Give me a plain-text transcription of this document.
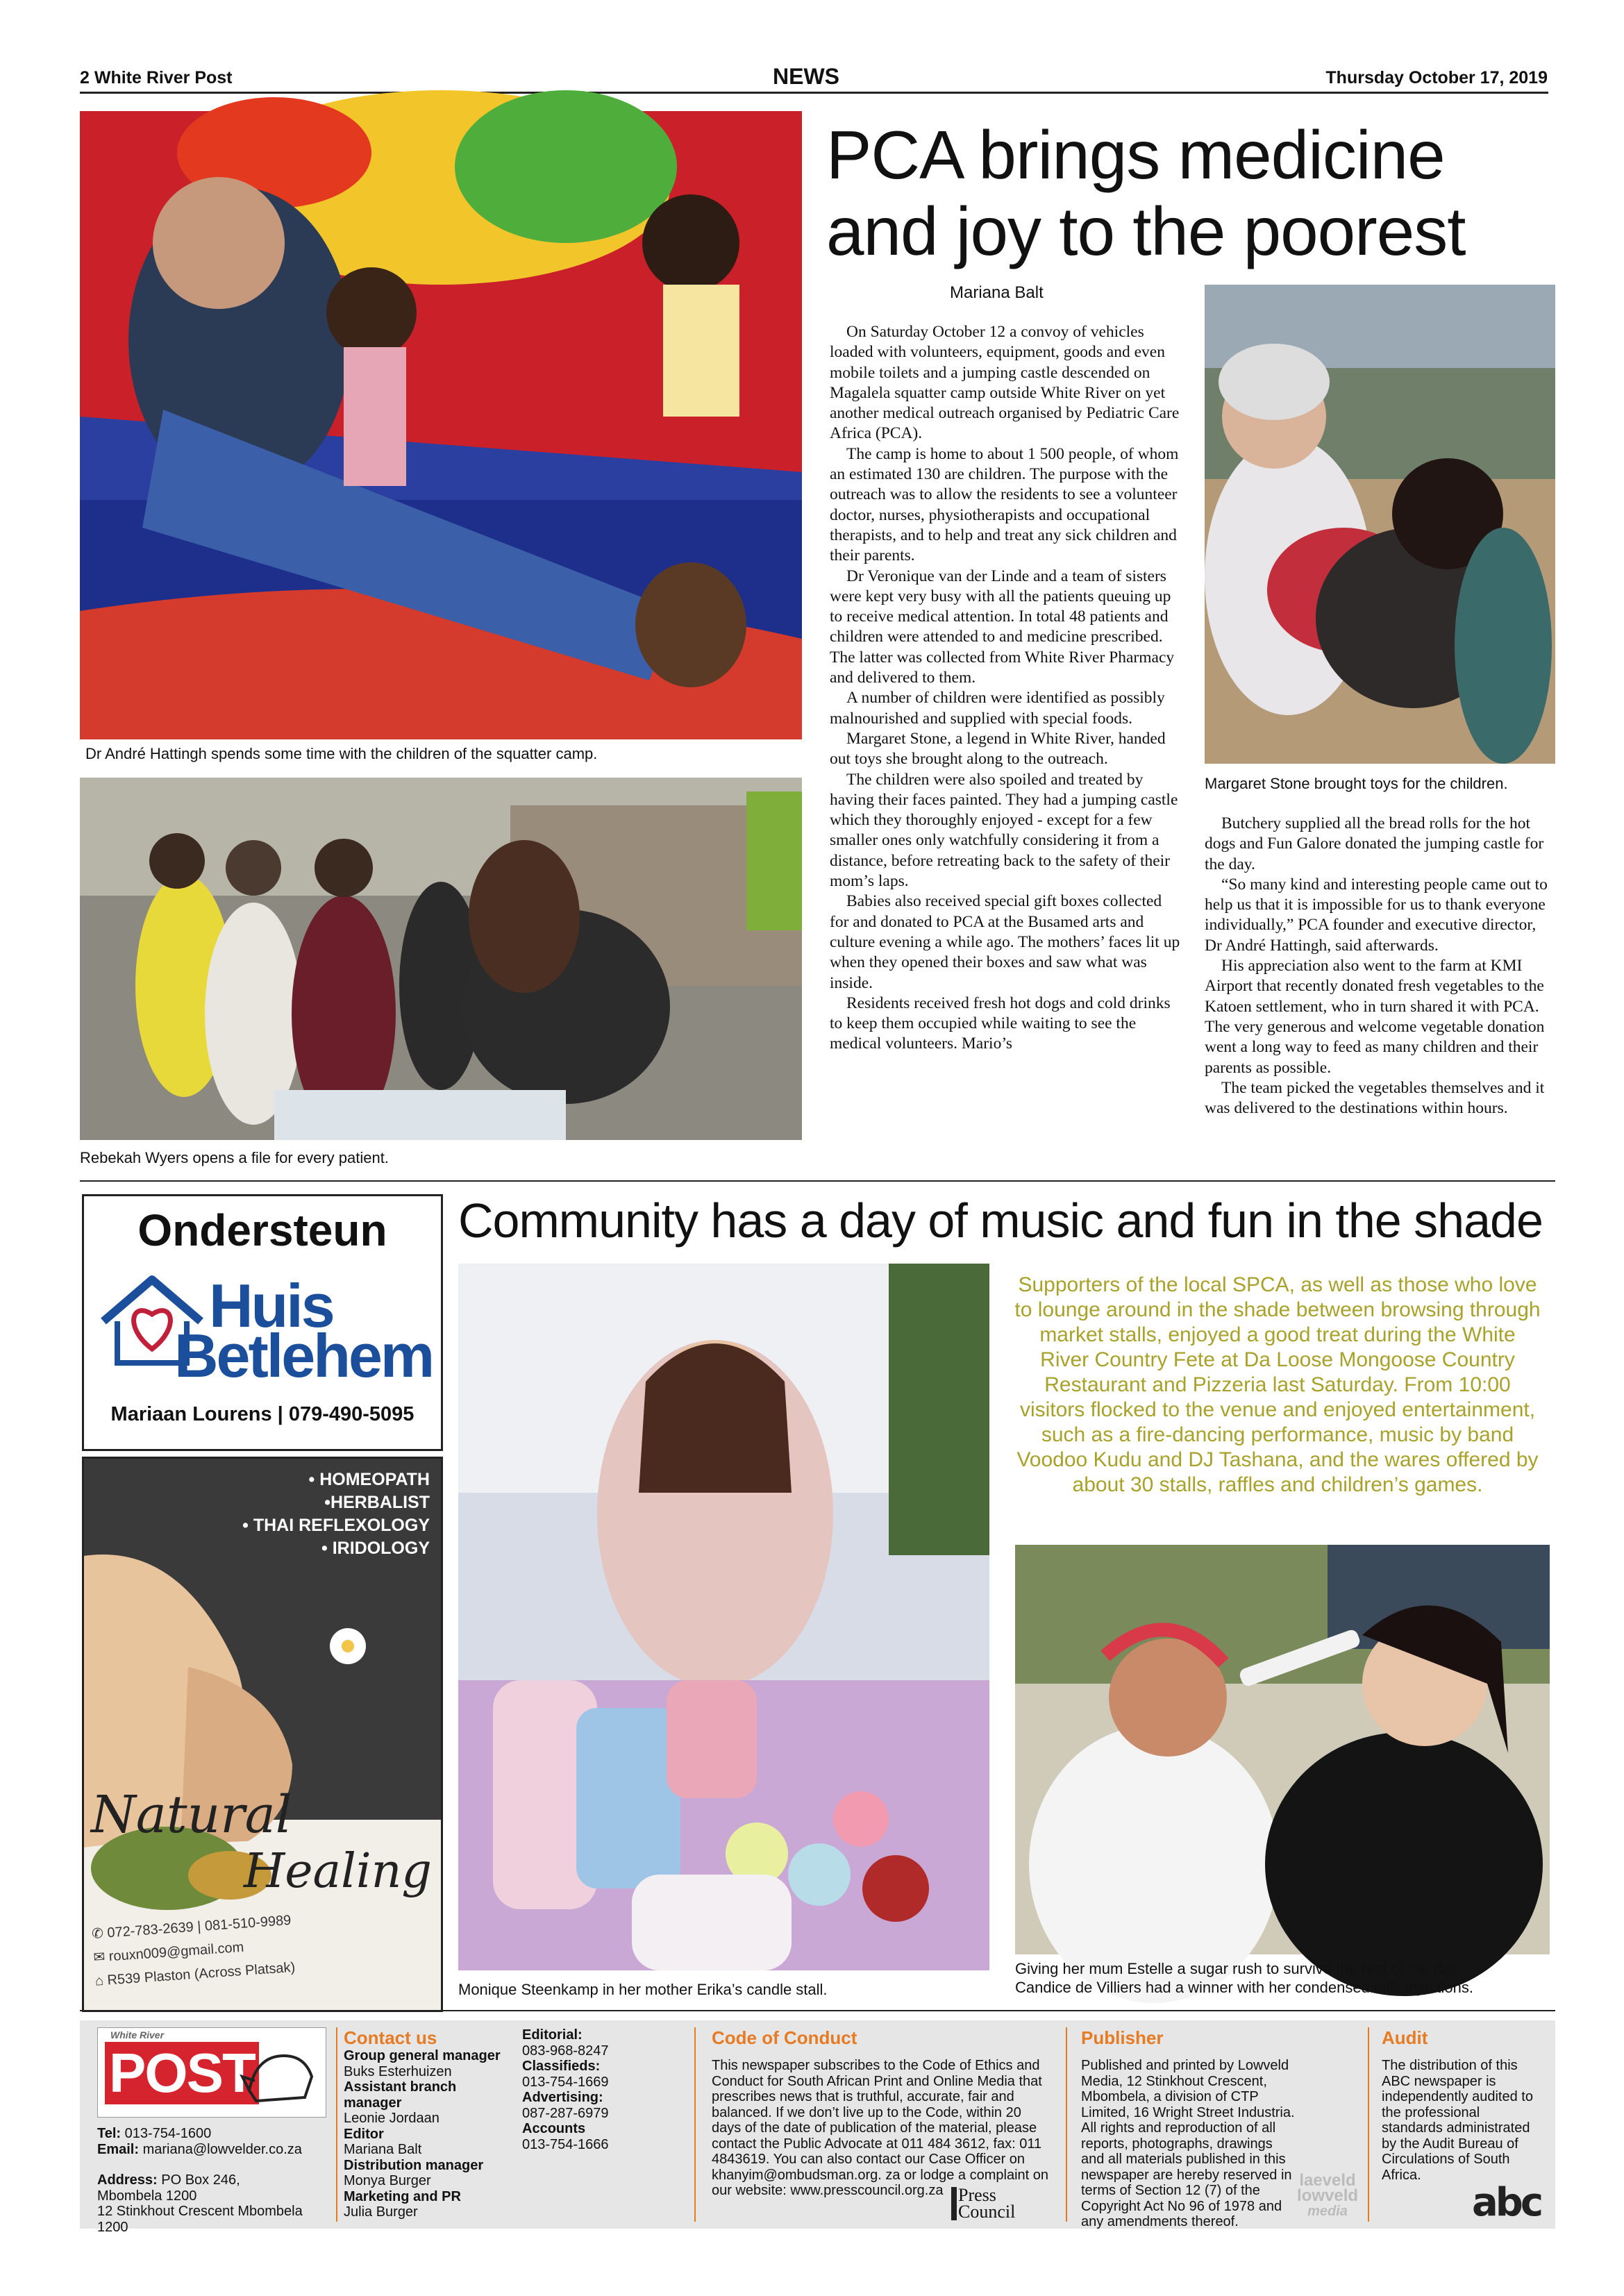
2 White River Post	NEWS	Thursday October 17, 2019
Dr André Hattingh spends some time with the children of the squatter camp.
Rebekah Wyers opens a file for every patient.
PCA brings medicine
and joy to the poorest
Mariana Balt
Margaret Stone brought toys for the children.

On Saturday October 12 a convoy of vehicles loaded with volunteers, equipment, goods and even mobile toilets and a jumping castle descended on Magalela squatter camp outside White River on yet another medical outreach organised by Pediatric Care Africa (PCA).

The camp is home to about 1 500 people, of whom an estimated 130 are children. The purpose with the outreach was to allow the residents to see a volunteer doctor, nurses, physiotherapists and occupational therapists, and to help and treat any sick children and their parents.

Dr Veronique van der Linde and a team of sisters were kept very busy with all the patients queuing up to receive medical attention. In total 48 patients and children were attended to and medicine prescribed. The latter was collected from White River Pharmacy and delivered to them.

A number of children were identified as possibly malnourished and supplied with special foods.

Margaret Stone, a legend in White River, handed out toys she brought along to the outreach.

The children were also spoiled and treated by having their faces painted. They had a jumping castle which they thoroughly enjoyed - except for a few smaller ones only watchfully considering it from a distance, before retreating back to the safety of their mom’s laps.

Babies also received special gift boxes collected for and donated to PCA at the Busamed arts and culture evening a while ago. The mothers’ faces lit up when they opened their boxes and saw what was inside.

Residents received fresh hot dogs and cold drinks to keep them occupied while waiting to see the medical volunteers. Mario’s

Butchery supplied all the bread rolls for the hot dogs and Fun Galore donated the jumping castle for the day.

“So many kind and interesting people came out to help us that it is impossible for us to thank everyone individually,” PCA founder and executive director, Dr André Hattingh, said afterwards.

His appreciation also went to the farm at KMI Airport that recently donated fresh vegetables to the Katoen settlement, who in turn shared it with PCA. The very generous and welcome vegetable donation went a long way to feed as many children and their parents as possible.

The team picked the vegetables themselves and it was delivered to the destinations within hours.

Ondersteun
Huis
Betlehem
Mariaan Lourens | 079-490-5095
• HOMEOPATH
•HERBALIST
• THAI REFLEXOLOGY
• IRIDOLOGY
437235NC
Natural
Healing
✆ 072-783-2639 | 081-510-9989
✉ rouxn009@gmail.com
⌂ R539 Plaston (Across Platsak)
Community has a day of music and fun in the shade
Monique Steenkamp in her mother Erika’s candle stall.
Supporters of the local SPCA, as well as those who love to lounge around in the shade between browsing through market stalls, enjoyed a good treat during the White River Country Fete at Da Loose Mongoose Country Restaurant and Pizzeria last Saturday. From 10:00 visitors flocked to the venue and enjoyed entertainment, such as a fire-dancing performance, music by band Voodoo Kudu and DJ Tashana, and the wares offered by about 30 stalls, raffles and children’s games.
Giving her mum Estelle a sugar rush to survive the rest of the day:
Candice de Villiers had a winner with her condensed milk injections.
White River
POST
Tel: 013-754-1600
Email: mariana@lowvelder.co.za
Address: PO Box 246,
Mbombela 1200
12 Stinkhout Crescent Mbombela
1200
Contact us
Group general manager
Buks Esterhuizen
Assistant branch manager
Leonie Jordaan
Editor
Mariana Balt
Distribution manager
Monya Burger
Marketing and PR
Julia Burger
Editorial:
083-968-8247
Classifieds:
013-754-1669
Advertising:
087-287-6979
Accounts
013-754-1666
Code of Conduct
This newspaper subscribes to the Code of Ethics and Conduct for South African Print and Online Media that prescribes news that is truthful, accurate, fair and balanced. If we don’t live up to the Code, within 20 days of the date of publication of the material, please contact the Public Advocate at 011 484 3612, fax: 011 4843619. You can also contact our Case Officer on khanyim@ombudsman.org. za or lodge a complaint on our website: www.presscouncil.org.za Press
Council
Publisher
Published and printed by Lowveld Media, 12 Stinkhout Crescent, Mbombela, a division of CTP Limited, 16 Wright Street Industria. All rights and reproduction of all reports, photographs, drawings and all materials published in this newspaper are hereby reserved in terms of Section 12 (7) of the Copyright Act No 96 of 1978 and any amendments thereof.
laeveld
lowveld
media
Audit
The distribution of this ABC newspaper is independently audited to the professional standards administrated by the Audit Bureau of Circulations of South Africa.
abc
